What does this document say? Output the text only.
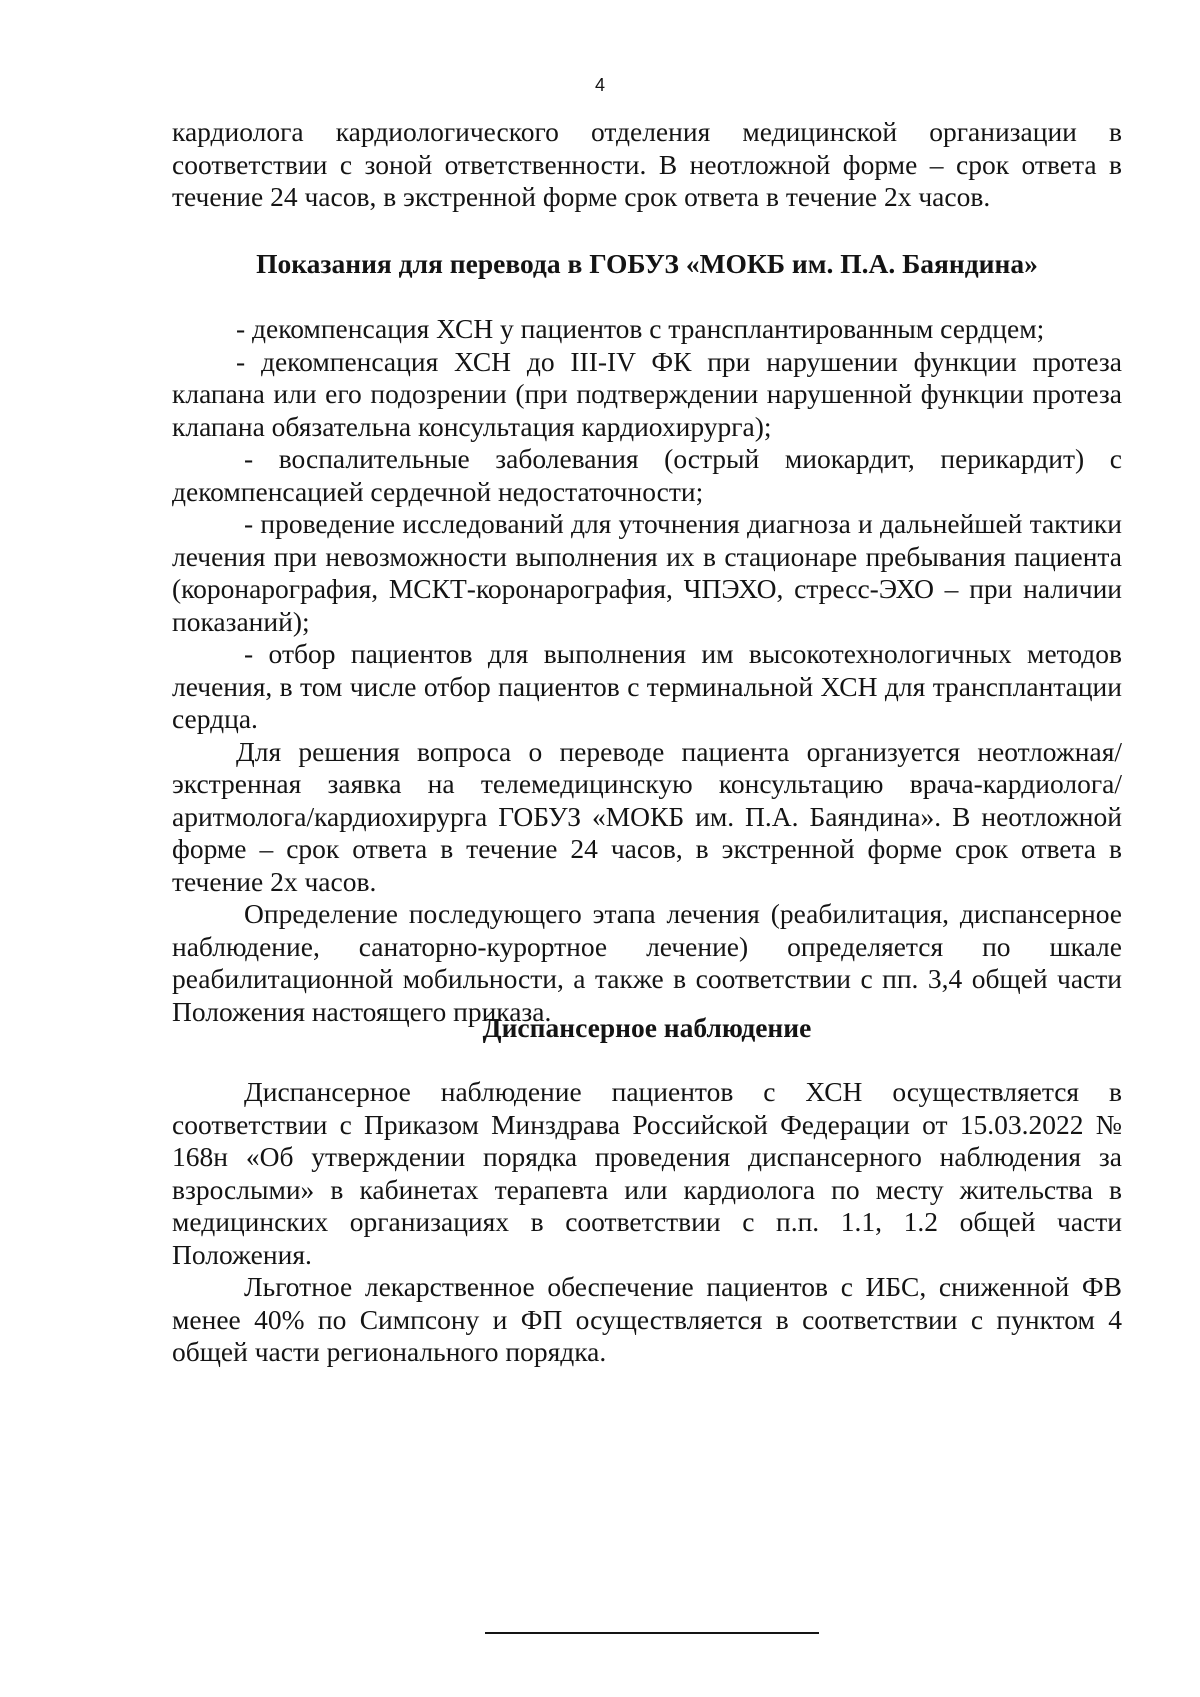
4

кардиолога кардиологического отделения медицинской организации в соответствии с зоной ответственности. В неотложной форме – срок ответа в течение 24 часов, в экстренной форме срок ответа в течение 2х часов.

Показания для перевода в ГОБУЗ «МОКБ им. П.А. Баяндина»

- декомпенсация ХСН у пациентов с трансплантированным сердцем;

- декомпенсация ХСН до III-IV ФК при нарушении функции протеза клапана или его подозрении (при подтверждении нарушенной функции протеза клапана обязательна консультация кардиохирурга);

- воспалительные заболевания (острый миокардит, перикардит) с декомпенсацией сердечной недостаточности;

- проведение исследований для уточнения диагноза и дальнейшей тактики лечения при невозможности выполнения их в стационаре пребывания пациента (коронарография, МСКТ-коронарография, ЧПЭХО, стресс-ЭХО – при наличии показаний);

- отбор пациентов для выполнения им высокотехнологичных методов лечения, в том числе отбор пациентов с терминальной ХСН для трансплантации сердца.

Для решения вопроса о переводе пациента организуется неотложная/экстренная заявка на телемедицинскую консультацию врача-кардиолога/аритмолога/кардиохирурга ГОБУЗ «МОКБ им. П.А. Баяндина». В неотложной форме – срок ответа в течение 24 часов, в экстренной форме срок ответа в течение 2х часов.

Определение последующего этапа лечения (реабилитация, диспансерное наблюдение, санаторно-курортное лечение) определяется по шкале реабилитационной мобильности, а также в соответствии с пп. 3,4 общей части Положения настоящего приказа.

Диспансерное наблюдение

Диспансерное наблюдение пациентов с ХСН осуществляется в соответствии с Приказом Минздрава Российской Федерации от 15.03.2022 № 168н «Об утверждении порядка проведения диспансерного наблюдения за взрослыми» в кабинетах терапевта или кардиолога по месту жительства в медицинских организациях в соответствии с п.п. 1.1, 1.2 общей части Положения.

Льготное лекарственное обеспечение пациентов с ИБС, сниженной ФВ менее 40% по Симпсону и ФП осуществляется в соответствии с пунктом 4 общей части регионального порядка.
